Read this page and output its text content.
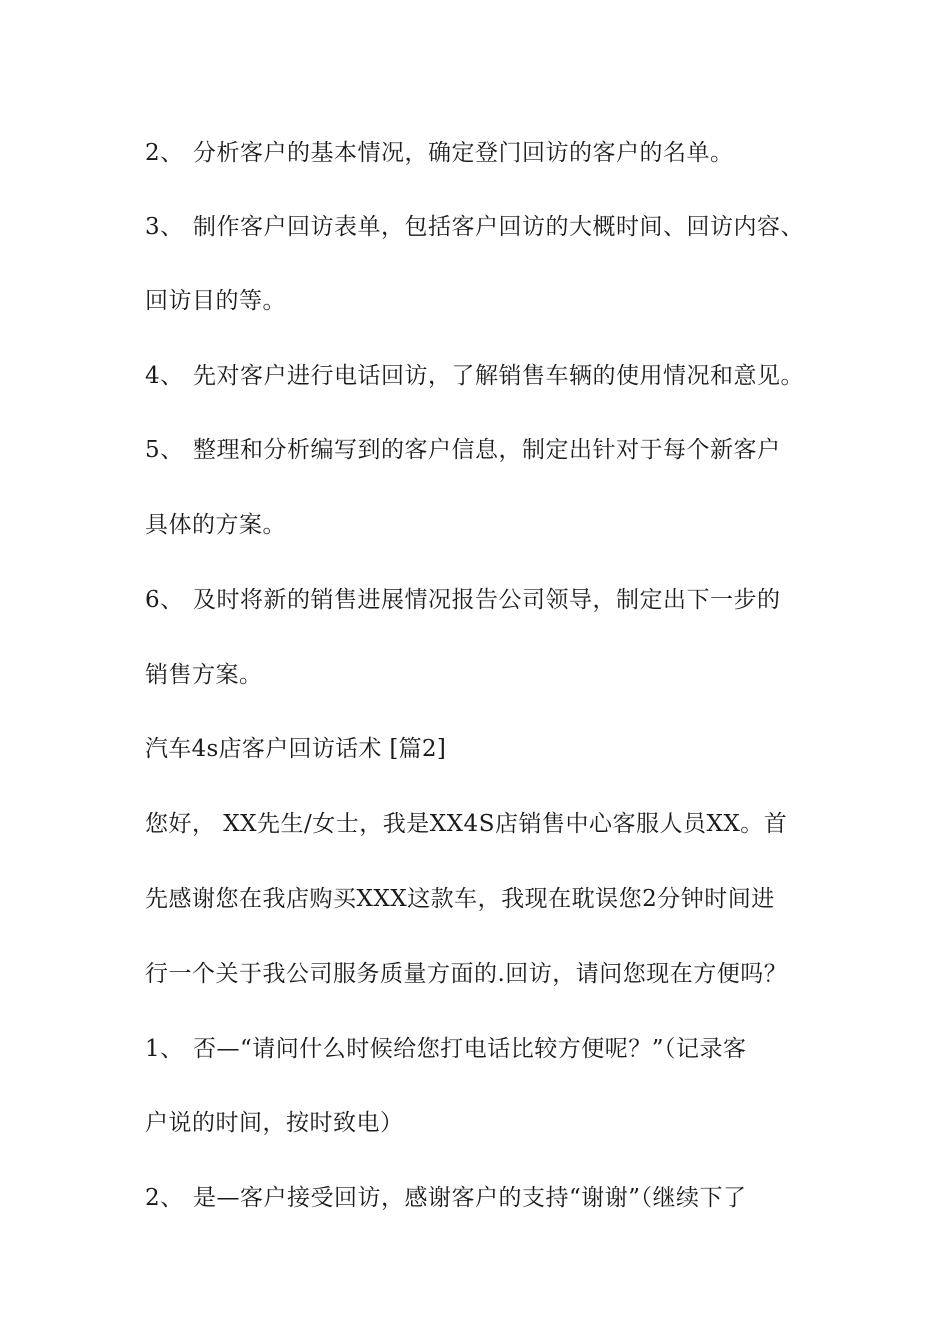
2、 分析客户的基本情况，确定登门回访的客户的名单。
3、 制作客户回访表单，包括客户回访的大概时间、回访内容、
回访目的等。
4、 先对客户进行电话回访，了解销售车辆的使用情况和意见。
5、 整理和分析编写到的客户信息，制定出针对于每个新客户
具体的方案。
6、 及时将新的销售进展情况报告公司领导，制定出下一步的
销售方案。
汽车4s店客户回访话术 [篇2]
您好， XX先生/女士，我是XX4S店销售中心客服人员XX。首
先感谢您在我店购买XXX这款车，我现在耽误您2分钟时间进
行一个关于我公司服务质量方面的.回访，请问您现在方便吗？
1、 否—“请问什么时候给您打电话比较方便呢？”（记录客
户说的时间，按时致电）
2、 是—客户接受回访，感谢客户的支持“谢谢”（继续下了
